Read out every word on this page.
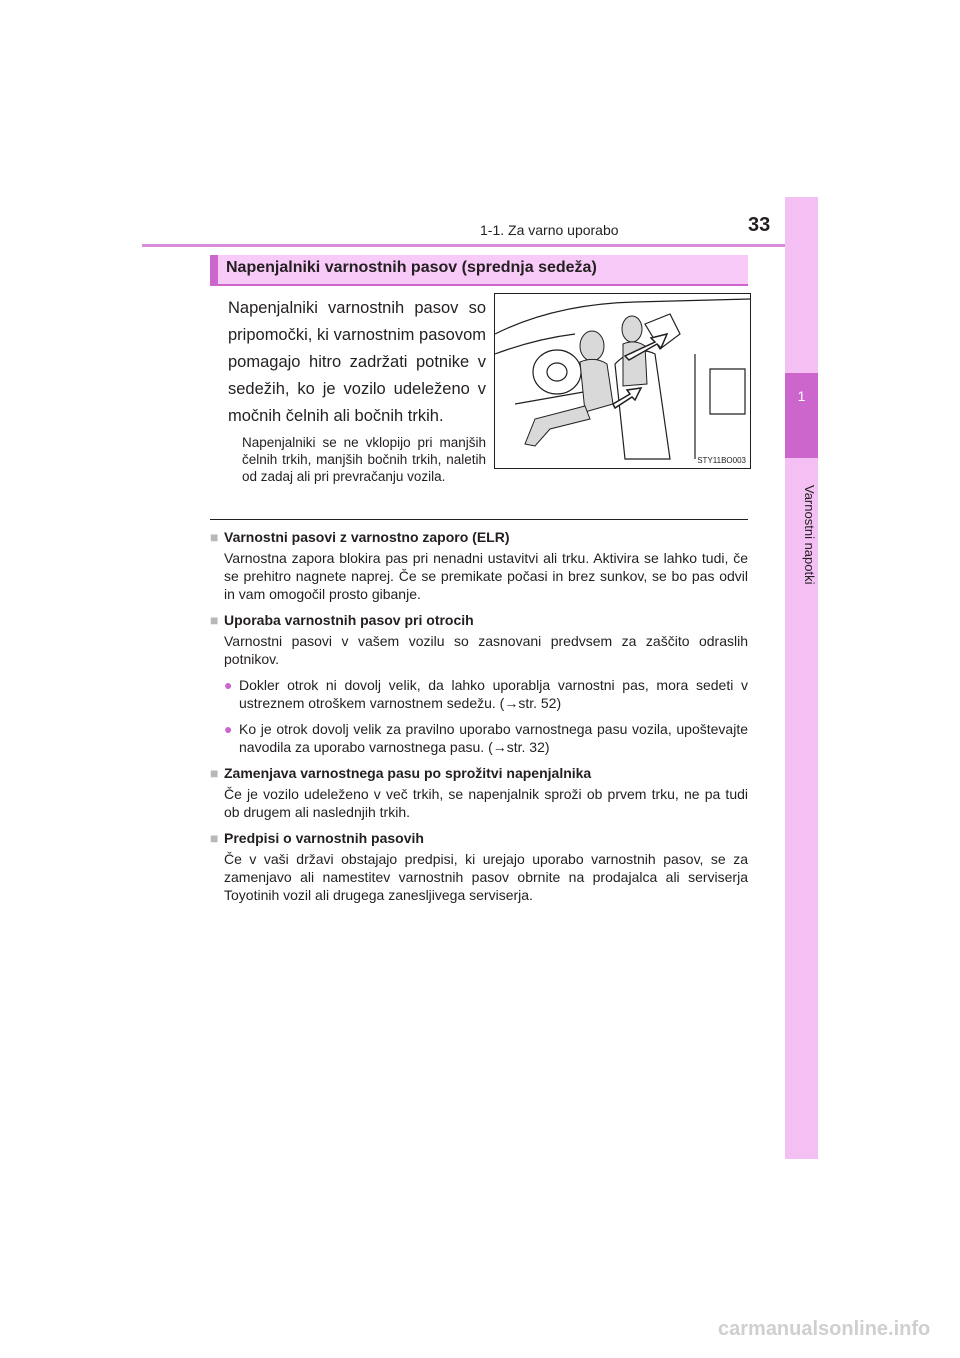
1-1. Za varno uporabo	33
1
Varnostni napotki
Napenjalniki varnostnih pasov (sprednja sedeža)
Napenjalniki varnostnih pasov so pripomočki, ki varnostnim pasovom pomagajo hitro zadržati potnike v sedežih, ko je vozilo udeleženo v močnih čelnih ali bočnih trkih.
Napenjalniki se ne vklopijo pri manjših čelnih trkih, manjših bočnih trkih, naletih od zadaj ali pri prevračanju vozila.
STY11BO003
■ Varnostni pasovi z varnostno zaporo (ELR)
Varnostna zapora blokira pas pri nenadni ustavitvi ali trku. Aktivira se lahko tudi, če se prehitro nagnete naprej. Če se premikate počasi in brez sunkov, se bo pas odvil in vam omogočil prosto gibanje.
■ Uporaba varnostnih pasov pri otrocih
Varnostni pasovi v vašem vozilu so zasnovani predvsem za zaščito odraslih potnikov.
● Dokler otrok ni dovolj velik, da lahko uporablja varnostni pas, mora sedeti v ustreznem otroškem varnostnem sedežu. (→str. 52)
● Ko je otrok dovolj velik za pravilno uporabo varnostnega pasu vozila, upoštevajte navodila za uporabo varnostnega pasu. (→str. 32)
■ Zamenjava varnostnega pasu po sprožitvi napenjalnika
Če je vozilo udeleženo v več trkih, se napenjalnik sproži ob prvem trku, ne pa tudi ob drugem ali naslednjih trkih.
■ Predpisi o varnostnih pasovih
Če v vaši državi obstajajo predpisi, ki urejajo uporabo varnostnih pasov, se za zamenjavo ali namestitev varnostnih pasov obrnite na prodajalca ali serviserja Toyotinih vozil ali drugega zanesljivega serviserja.
carmanualsonline.info
